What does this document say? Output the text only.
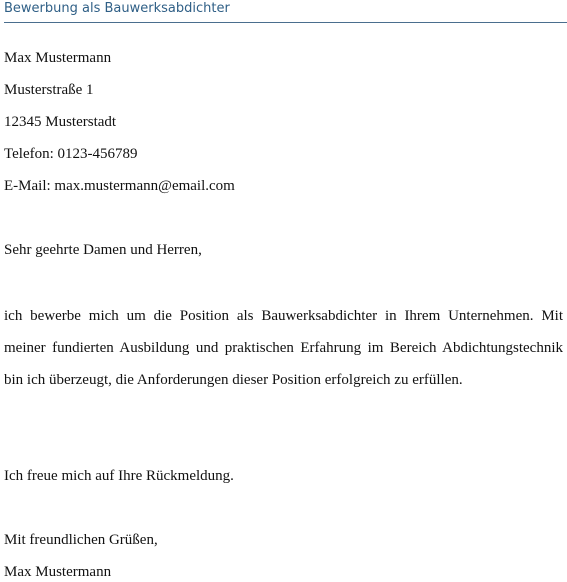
Bewerbung als Bauwerksabdichter
Max Mustermann
Musterstraße 1
12345 Musterstadt
Telefon: 0123-456789
E-Mail: max.mustermann@email.com
Sehr geehrte Damen und Herren,
ich bewerbe mich um die Position als Bauwerksabdichter in Ihrem Unternehmen. Mit meiner fundierten Ausbildung und praktischen Erfahrung im Bereich Abdichtungstechnik bin ich überzeugt, die Anforderungen dieser Position erfolgreich zu erfüllen.
Ich freue mich auf Ihre Rückmeldung.
Mit freundlichen Grüßen,
Max Mustermann
